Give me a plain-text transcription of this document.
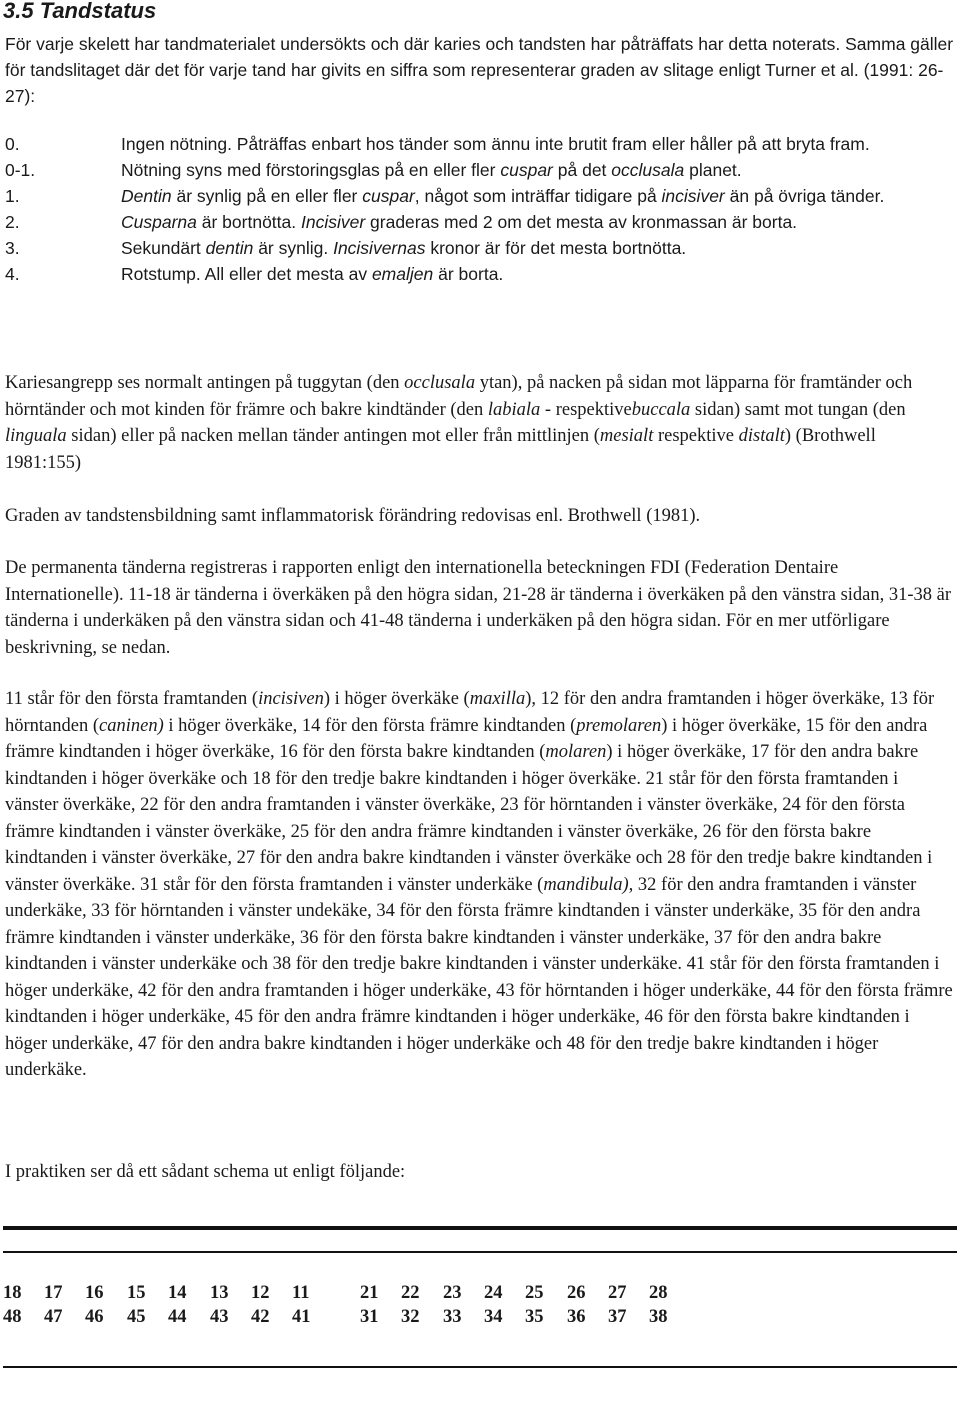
3.5 Tandstatus

För varje skelett har tandmaterialet undersökts och där karies och tandsten har påträffats har detta noterats. Samma gäller för tandslitaget där det för varje tand har givits en siffra som representerar graden av slitage enligt Turner et al. (1991: 26-27):

0.	Ingen nötning. Påträffas enbart hos tänder som ännu inte brutit fram eller håller på att bryta fram.
0-1.	Nötning syns med förstoringsglas på en eller fler cuspar på det occlusala planet.
1.	Dentin är synlig på en eller fler cuspar, något som inträffar tidigare på incisiver än på övriga tänder.
2.	Cusparna är bortnötta. Incisiver graderas med 2 om det mesta av kronmassan är borta.
3.	Sekundärt dentin är synlig. Incisivernas kronor är för det mesta bortnötta.
4.	Rotstump. All eller det mesta av emaljen är borta.

Kariesangrepp ses normalt antingen på tuggytan (den occlusala ytan), på nacken på sidan mot läpparna för framtänder och hörntänder och mot kinden för främre och bakre kindtänder (den labiala - respektivebuccala sidan) samt mot tungan (den linguala sidan) eller på nacken mellan tänder antingen mot eller från mittlinjen (mesialt respektive distalt) (Brothwell 1981:155)

Graden av tandstensbildning samt inflammatorisk förändring redovisas enl. Brothwell (1981).

De permanenta tänderna registreras i rapporten enligt den internationella beteckningen FDI (Federation Dentaire Internationelle). 11-18 är tänderna i överkäken på den högra sidan, 21-28 är tänderna i överkäken på den vänstra sidan, 31-38 är tänderna i underkäken på den vänstra sidan och 41-48 tänderna i underkäken på den högra sidan. För en mer utförligare beskrivning, se nedan.

11 står för den första framtanden (incisiven) i höger överkäke (maxilla), 12 för den andra framtanden i höger överkäke, 13 för hörntanden (caninen) i höger överkäke, 14 för den första främre kindtanden (premolaren) i höger överkäke, 15 för den andra främre kindtanden i höger överkäke, 16 för den första bakre kindtanden (molaren) i höger överkäke, 17 för den andra bakre kindtanden i höger överkäke och 18 för den tredje bakre kindtanden i höger överkäke. 21 står för den första framtanden i vänster överkäke, 22 för den andra framtanden i vänster överkäke, 23 för hörntanden i vänster överkäke, 24 för den första främre kindtanden i vänster överkäke, 25 för den andra främre kindtanden i vänster överkäke, 26 för den första bakre kindtanden i vänster överkäke, 27 för den andra bakre kindtanden i vänster överkäke och 28 för den tredje bakre kindtanden i vänster överkäke. 31 står för den första framtanden i vänster underkäke (mandibula), 32 för den andra framtanden i vänster underkäke, 33 för hörntanden i vänster undekäke, 34 för den första främre kindtanden i vänster underkäke, 35 för den andra främre kindtanden i vänster underkäke, 36 för den första bakre kindtanden i vänster underkäke, 37 för den andra bakre kindtanden i vänster underkäke och 38 för den tredje bakre kindtanden i vänster underkäke. 41 står för den första framtanden i höger underkäke, 42 för den andra framtanden i höger underkäke, 43 för hörntanden i höger underkäke, 44 för den första främre kindtanden i höger underkäke, 45 för den andra främre kindtanden i höger underkäke, 46 för den första bakre kindtanden i höger underkäke, 47 för den andra bakre kindtanden i höger underkäke och 48 för den tredje bakre kindtanden i höger underkäke.

I praktiken ser då ett sådant schema ut enligt följande:

18 17 16 15 14 13 12 11	21 22 23 24 25 26 27 28
48 47 46 45 44 43 42 41	31 32 33 34 35 36 37 38
